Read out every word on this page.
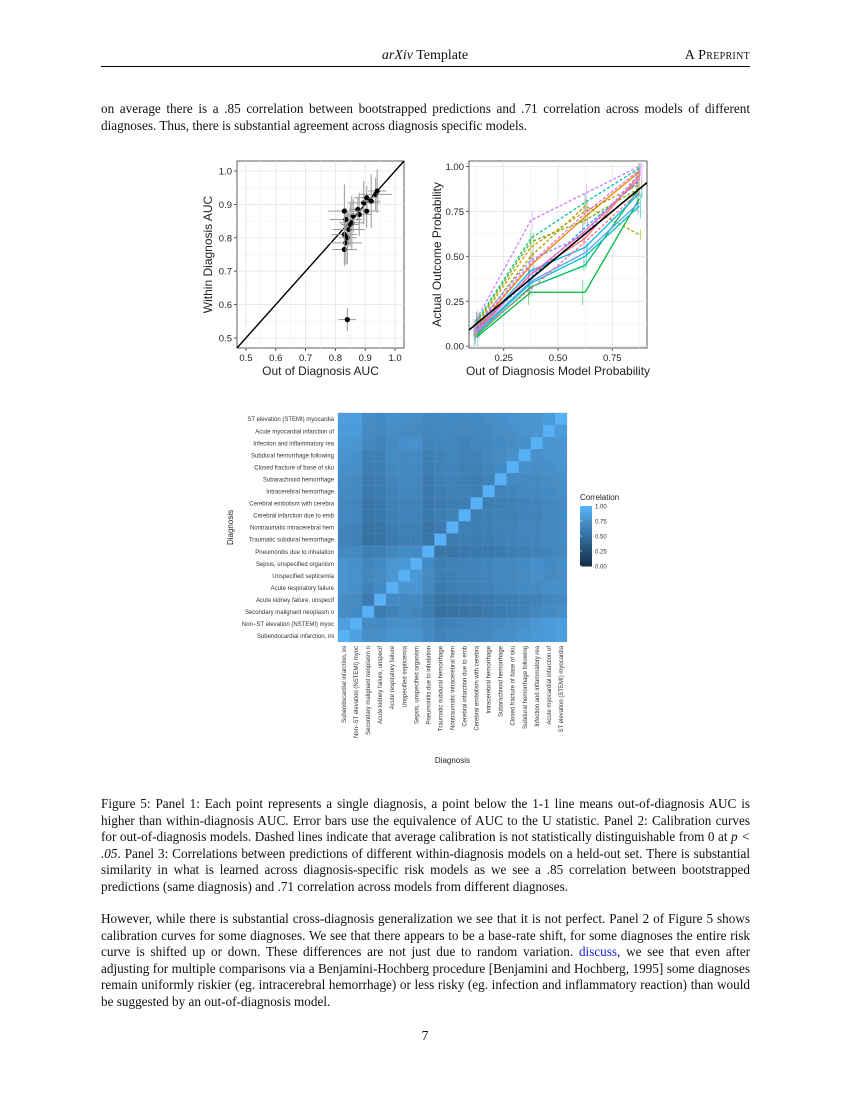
arXiv Template	A Preprint

on average there is a .85 correlation between bootstrapped predictions and .71 correlation across models of different diagnoses. Thus, there is substantial agreement across diagnosis specific models.

0.5 0.6 0.7 0.8 0.9 1.0
0.5
0.6
0.7
0.8
0.9
1.0
Out of Diagnosis AUC
Within Diagnosis AUC
0.25	0.50	0.75
0.00
0.25
0.50
0.75
1.00
Out of Diagnosis Model Probability
Actual Outcome Probability
ST elevation (STEMI) myocardia
Acute myocardial infarction of
Infection and inflammatory rea
Subdural hemorrhage following
Closed fracture of base of sku
Subarachnoid hemorrhage
Intracerebral hemorrhage
Cerebral embolism with cerebra
Cerebral infarction due to emb
Nontraumatic intracerebral hem
Traumatic subdural hemorrhage
Pneumonitis due to inhalation
Sepsis, unspecified organism
Unspecified septicemia
Acute respiratory failure
Acute kidney failure, unspecif
Secondary malignant neoplasm o
Non−ST elevation (NSTEMI) myoc
Subendocardial infarction, ini
Subendocardial infarction, ini Non−ST elevation (NSTEMI) myoc Secondary malignant neoplasm o Acute kidney failure, unspecif Acute respiratory failure Unspecified septicemia Sepsis, unspecified organism Pneumonitis due to inhalation Traumatic subdural hemorrhage Nontraumatic intracerebral hem Cerebral infarction due to emb Cerebral embolism with cerebra Intracerebral hemorrhage Subarachnoid hemorrhage Closed fracture of base of sku Subdural hemorrhage following Infection and inflammatory rea Acute myocardial infarction of ST elevation (STEMI) myocardia
Diagnosis
Diagnosis
Correlation
1.00
0.75
0.50
0.25
0.00

Figure 5: Panel 1: Each point represents a single diagnosis, a point below the 1-1 line means out-of-diagnosis AUC is higher than within-diagnosis AUC. Error bars use the equivalence of AUC to the U statistic. Panel 2: Calibration curves for out-of-diagnosis models. Dashed lines indicate that average calibration is not statistically distinguishable from 0 at p < .05. Panel 3: Correlations between predictions of different within-diagnosis models on a held-out set. There is substantial similarity in what is learned across diagnosis-specific risk models as we see a .85 correlation between bootstrapped predictions (same diagnosis) and .71 correlation across models from different diagnoses.

However, while there is substantial cross-diagnosis generalization we see that it is not perfect. Panel 2 of Figure 5 shows calibration curves for some diagnoses. We see that there appears to be a base-rate shift, for some diagnoses the entire risk curve is shifted up or down. These differences are not just due to random variation. discuss, we see that even after adjusting for multiple comparisons via a Benjamini-Hochberg procedure [Benjamini and Hochberg, 1995] some diagnoses remain uniformly riskier (eg. intracerebral hemorrhage) or less risky (eg. infection and inflammatory reaction) than would be suggested by an out-of-diagnosis model.

7
